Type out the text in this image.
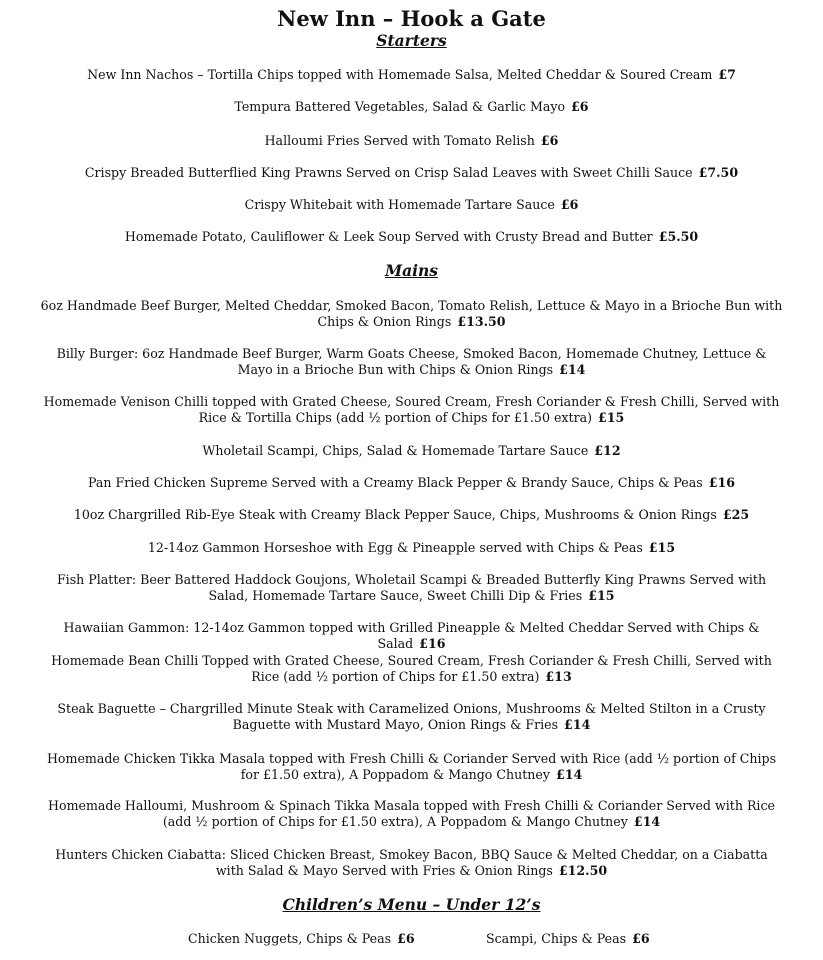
New Inn – Hook a Gate
Starters

New Inn Nachos – Tortilla Chips topped with Homemade Salsa, Melted Cheddar & Soured Cream £7

Tempura Battered Vegetables, Salad & Garlic Mayo £6

Halloumi Fries Served with Tomato Relish £6

Crispy Breaded Butterflied King Prawns Served on Crisp Salad Leaves with Sweet Chilli Sauce £7.50

Crispy Whitebait with Homemade Tartare Sauce £6

Homemade Potato, Cauliflower & Leek Soup Served with Crusty Bread and Butter £5.50

Mains

6oz Handmade Beef Burger, Melted Cheddar, Smoked Bacon, Tomato Relish, Lettuce & Mayo in a Brioche Bun with Chips & Onion Rings £13.50

Billy Burger: 6oz Handmade Beef Burger, Warm Goats Cheese, Smoked Bacon, Homemade Chutney, Lettuce & Mayo in a Brioche Bun with Chips & Onion Rings £14

Homemade Venison Chilli topped with Grated Cheese, Soured Cream, Fresh Coriander & Fresh Chilli, Served with Rice & Tortilla Chips (add ½ portion of Chips for £1.50 extra) £15

Wholetail Scampi, Chips, Salad & Homemade Tartare Sauce £12

Pan Fried Chicken Supreme Served with a Creamy Black Pepper & Brandy Sauce, Chips & Peas £16

10oz Chargrilled Rib-Eye Steak with Creamy Black Pepper Sauce, Chips, Mushrooms & Onion Rings £25

12-14oz Gammon Horseshoe with Egg & Pineapple served with Chips & Peas £15

Fish Platter: Beer Battered Haddock Goujons, Wholetail Scampi & Breaded Butterfly King Prawns Served with Salad, Homemade Tartare Sauce, Sweet Chilli Dip & Fries £15

Hawaiian Gammon: 12-14oz Gammon topped with Grilled Pineapple & Melted Cheddar Served with Chips & Salad £16

Homemade Bean Chilli Topped with Grated Cheese, Soured Cream, Fresh Coriander & Fresh Chilli, Served with Rice (add ½ portion of Chips for £1.50 extra) £13

Steak Baguette – Chargrilled Minute Steak with Caramelized Onions, Mushrooms & Melted Stilton in a Crusty Baguette with Mustard Mayo, Onion Rings & Fries £14

Homemade Chicken Tikka Masala topped with Fresh Chilli & Coriander Served with Rice (add ½ portion of Chips for £1.50 extra), A Poppadom & Mango Chutney £14

Homemade Halloumi, Mushroom & Spinach Tikka Masala topped with Fresh Chilli & Coriander Served with Rice (add ½ portion of Chips for £1.50 extra), A Poppadom & Mango Chutney £14

Hunters Chicken Ciabatta: Sliced Chicken Breast, Smokey Bacon, BBQ Sauce & Melted Cheddar, on a Ciabatta with Salad & Mayo Served with Fries & Onion Rings £12.50

Children’s Menu – Under 12’s
Chicken Nuggets, Chips & Peas £6	Scampi, Chips & Peas £6
